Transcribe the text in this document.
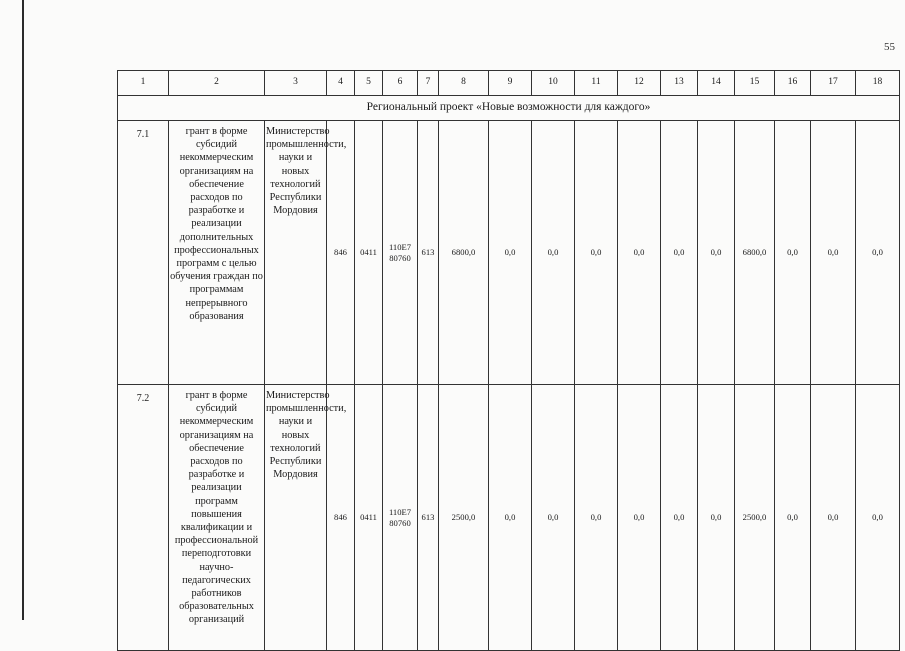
55
1	2	3	4	5	6	7	8	9	10	11	12	13	14	15	16	17	18
Региональный проект «Новые возможности для каждого»																	
7.1	грант в форме субсидий некоммерческим организациям на обеспечение расходов по разработке и реализации дополнительных профессиональных программ с целью обучения граждан по программам непрерывного образования	Министерство промышленности, науки и новых технологий Республики Мордовия	846	0411	110Е7 80760	613	6800,0	0,0	0,0	0,0	0,0	0,0	0,0	6800,0	0,0	0,0	0,0
7.2	грант в форме субсидий некоммерческим организациям на обеспечение расходов по разработке и реализации программ повышения квалификации и профессиональной переподготовки научно-педагогических работников образовательных организаций	Министерство промышленности, науки и новых технологий Республики Мордовия	846	0411	110Е7 80760	613	2500,0	0,0	0,0	0,0	0,0	0,0	0,0	2500,0	0,0	0,0	0,0
